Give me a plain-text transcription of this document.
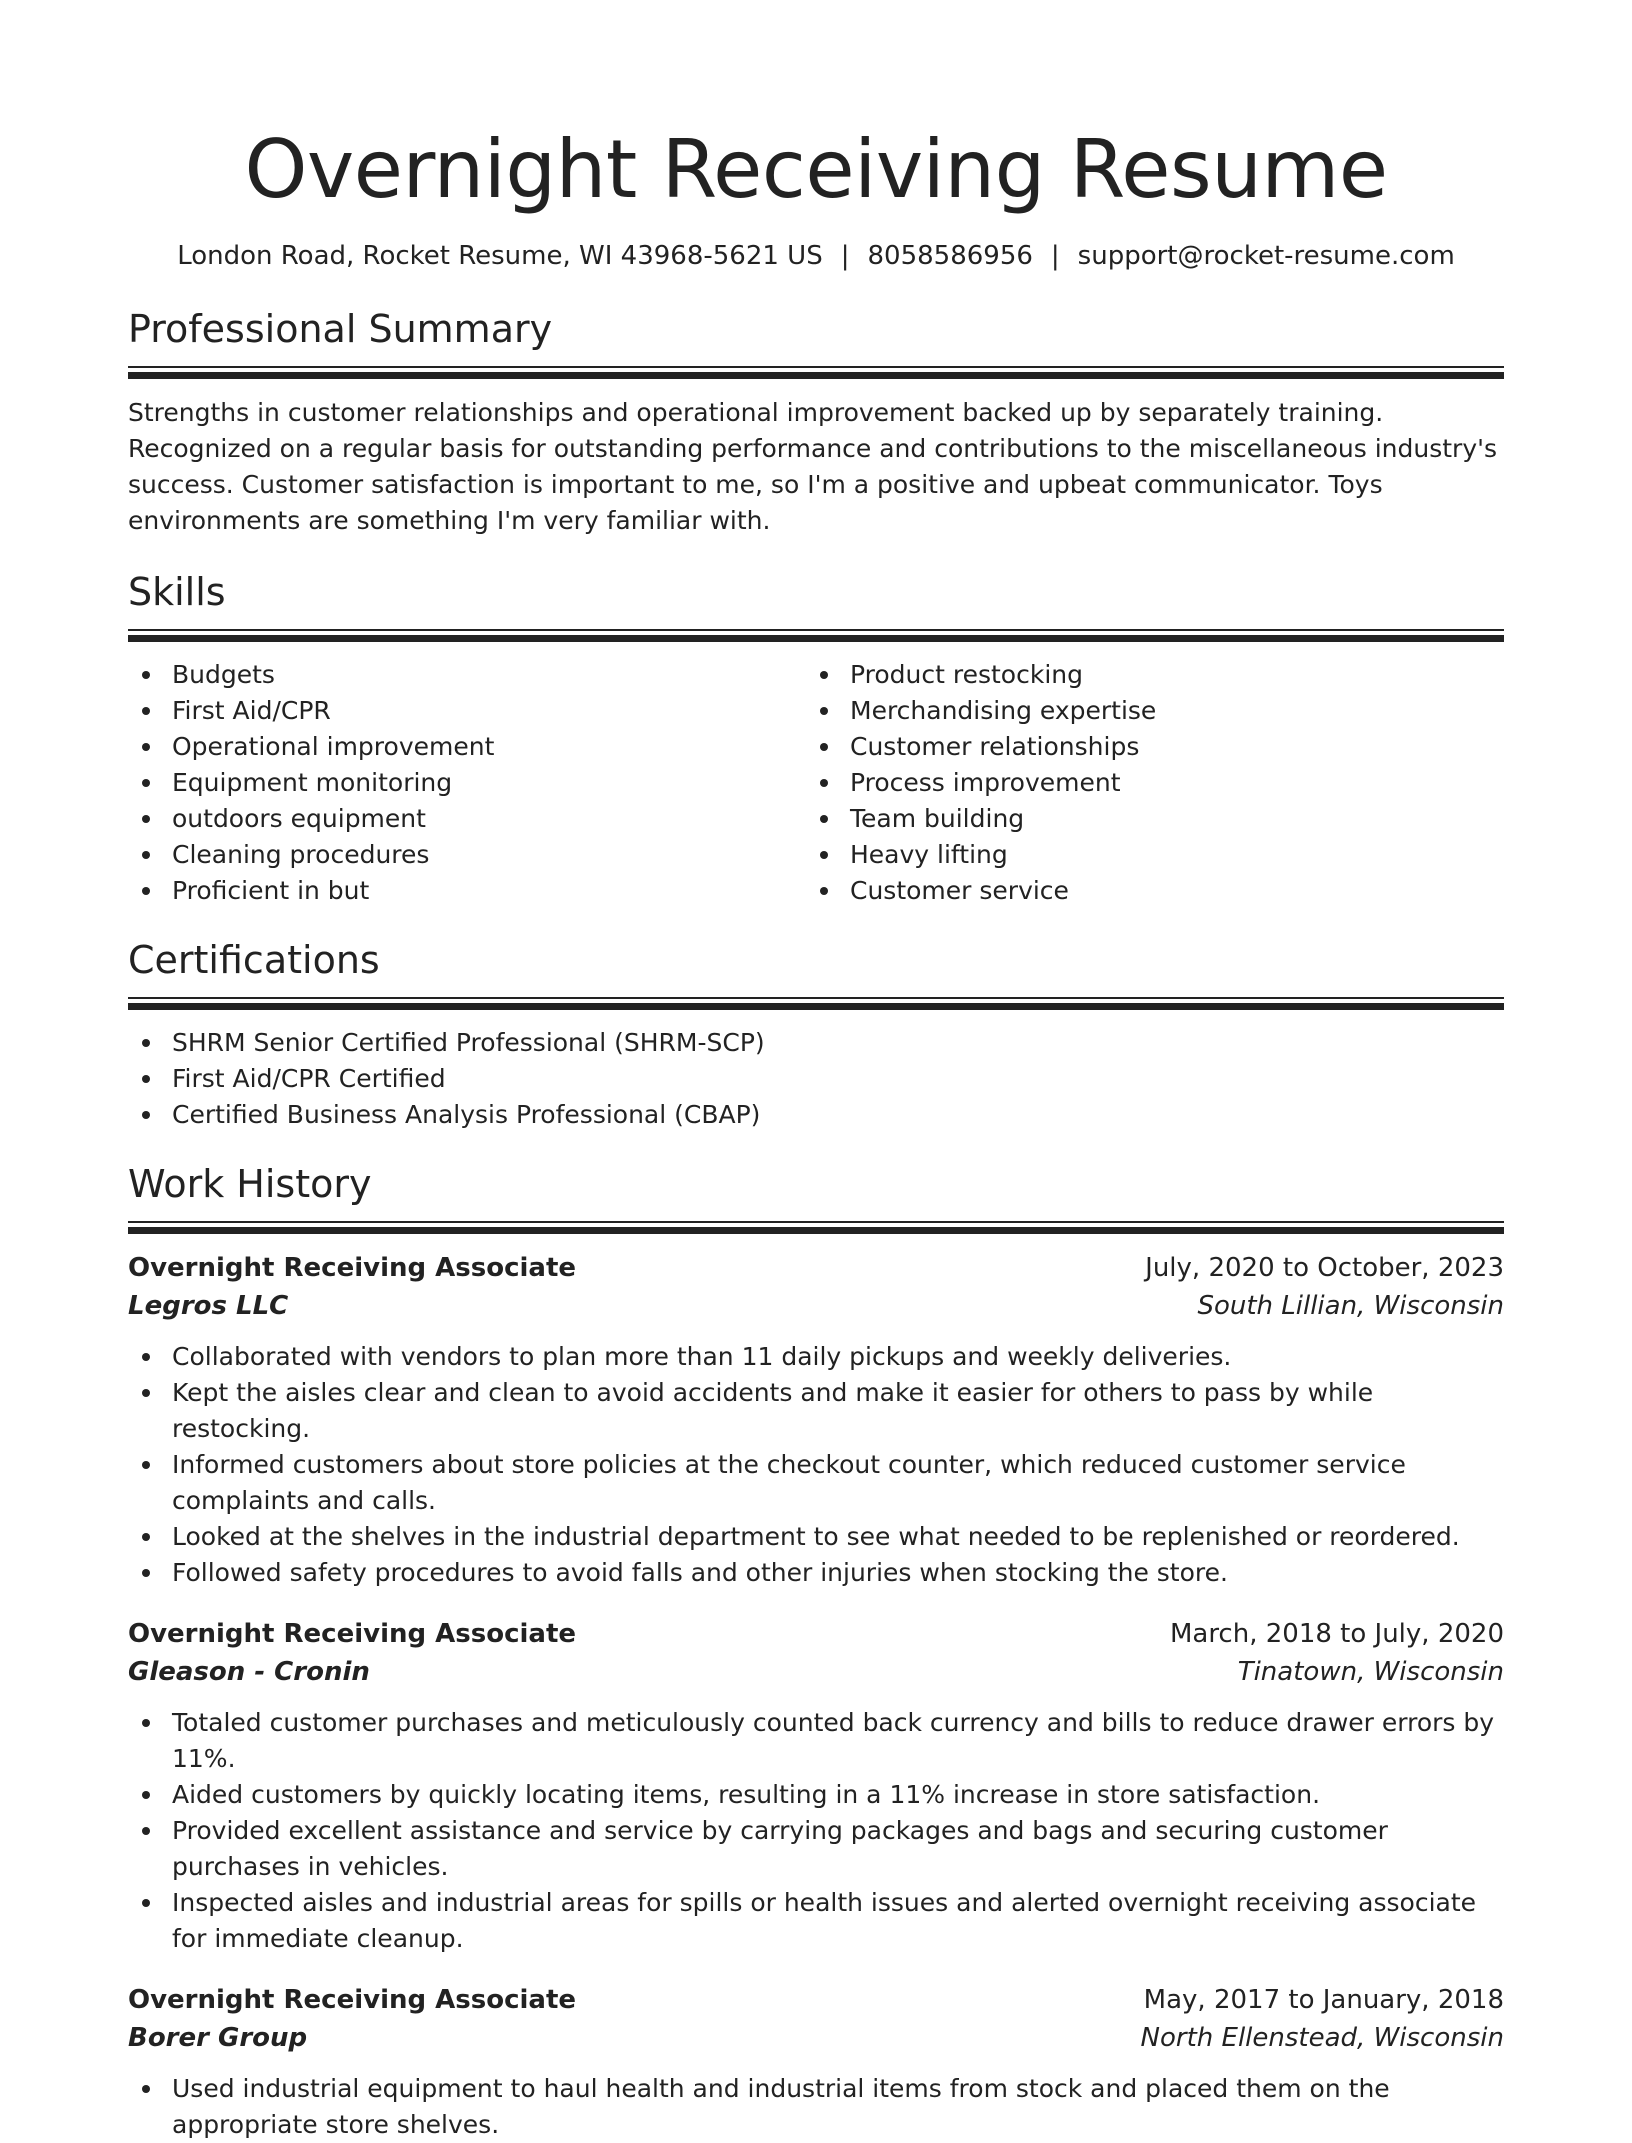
Overnight Receiving Resume
London Road, Rocket Resume, WI 43968-5621 US | 8058586956 | support@rocket-resume.com
Professional Summary

Strengths in customer relationships and operational improvement backed up by separately training. Recognized on a regular basis for outstanding performance and contributions to the miscellaneous industry's success. Customer satisfaction is important to me, so I'm a positive and upbeat communicator. Toys environments are something I'm very familiar with.

Skills
Budgets
First Aid/CPR
Operational improvement
Equipment monitoring
outdoors equipment
Cleaning procedures
Proficient in but
Product restocking
Merchandising expertise
Customer relationships
Process improvement
Team building
Heavy lifting
Customer service
Certifications
SHRM Senior Certified Professional (SHRM-SCP)
First Aid/CPR Certified
Certified Business Analysis Professional (CBAP)
Work History
Overnight Receiving Associate	July, 2020 to October, 2023
Legros LLC	South Lillian, Wisconsin
Collaborated with vendors to plan more than 11 daily pickups and weekly deliveries.
Kept the aisles clear and clean to avoid accidents and make it easier for others to pass by while restocking.
Informed customers about store policies at the checkout counter, which reduced customer service complaints and calls.
Looked at the shelves in the industrial department to see what needed to be replenished or reordered.
Followed safety procedures to avoid falls and other injuries when stocking the store.
Overnight Receiving Associate	March, 2018 to July, 2020
Gleason - Cronin	Tinatown, Wisconsin
Totaled customer purchases and meticulously counted back currency and bills to reduce drawer errors by 11%.
Aided customers by quickly locating items, resulting in a 11% increase in store satisfaction.
Provided excellent assistance and service by carrying packages and bags and securing customer purchases in vehicles.
Inspected aisles and industrial areas for spills or health issues and alerted overnight receiving associate for immediate cleanup.
Overnight Receiving Associate	May, 2017 to January, 2018
Borer Group	North Ellenstead, Wisconsin
Used industrial equipment to haul health and industrial items from stock and placed them on the appropriate store shelves.
